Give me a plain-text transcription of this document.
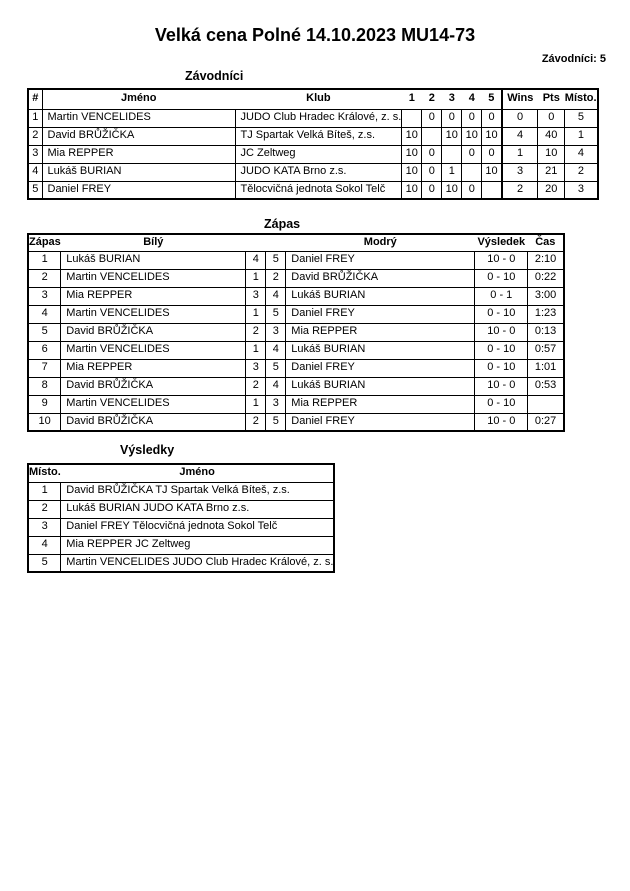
Velká cena Polné 14.10.2023 MU14-73
Závodníci: 5
Závodníci
#	Jméno	Klub	1	2	3	4	5	Wins	Pts	Místo.
1	Martin VENCELIDES	JUDO Club Hradec Králové, z. s.		0	0	0	0	0	0	5
2	David BRŮŽIČKA	TJ Spartak Velká Bíteš, z.s.	10		10	10	10	4	40	1
3	Mia REPPER	JC Zeltweg	10	0		0	0	1	10	4
4	Lukáš BURIAN	JUDO KATA Brno z.s.	10	0	1		10	3	21	2
5	Daniel FREY	Tělocvičná jednota Sokol Telč	10	0	10	0		2	20	3
Zápas
Zápas	Bílý			Modrý	Výsledek	Čas
1	Lukáš BURIAN	4	5	Daniel FREY	10 - 0	2:10
2	Martin VENCELIDES	1	2	David BRŮŽIČKA	0 - 10	0:22
3	Mia REPPER	3	4	Lukáš BURIAN	0 - 1	3:00
4	Martin VENCELIDES	1	5	Daniel FREY	0 - 10	1:23
5	David BRŮŽIČKA	2	3	Mia REPPER	10 - 0	0:13
6	Martin VENCELIDES	1	4	Lukáš BURIAN	0 - 10	0:57
7	Mia REPPER	3	5	Daniel FREY	0 - 10	1:01
8	David BRŮŽIČKA	2	4	Lukáš BURIAN	10 - 0	0:53
9	Martin VENCELIDES	1	3	Mia REPPER	0 - 10	
10	David BRŮŽIČKA	2	5	Daniel FREY	10 - 0	0:27
Výsledky
Místo.	Jméno
1	David BRŮŽIČKA TJ Spartak Velká Bíteš, z.s.
2	Lukáš BURIAN JUDO KATA Brno z.s.
3	Daniel FREY Tělocvičná jednota Sokol Telč
4	Mia REPPER JC Zeltweg
5	Martin VENCELIDES JUDO Club Hradec Králové, z. s.
